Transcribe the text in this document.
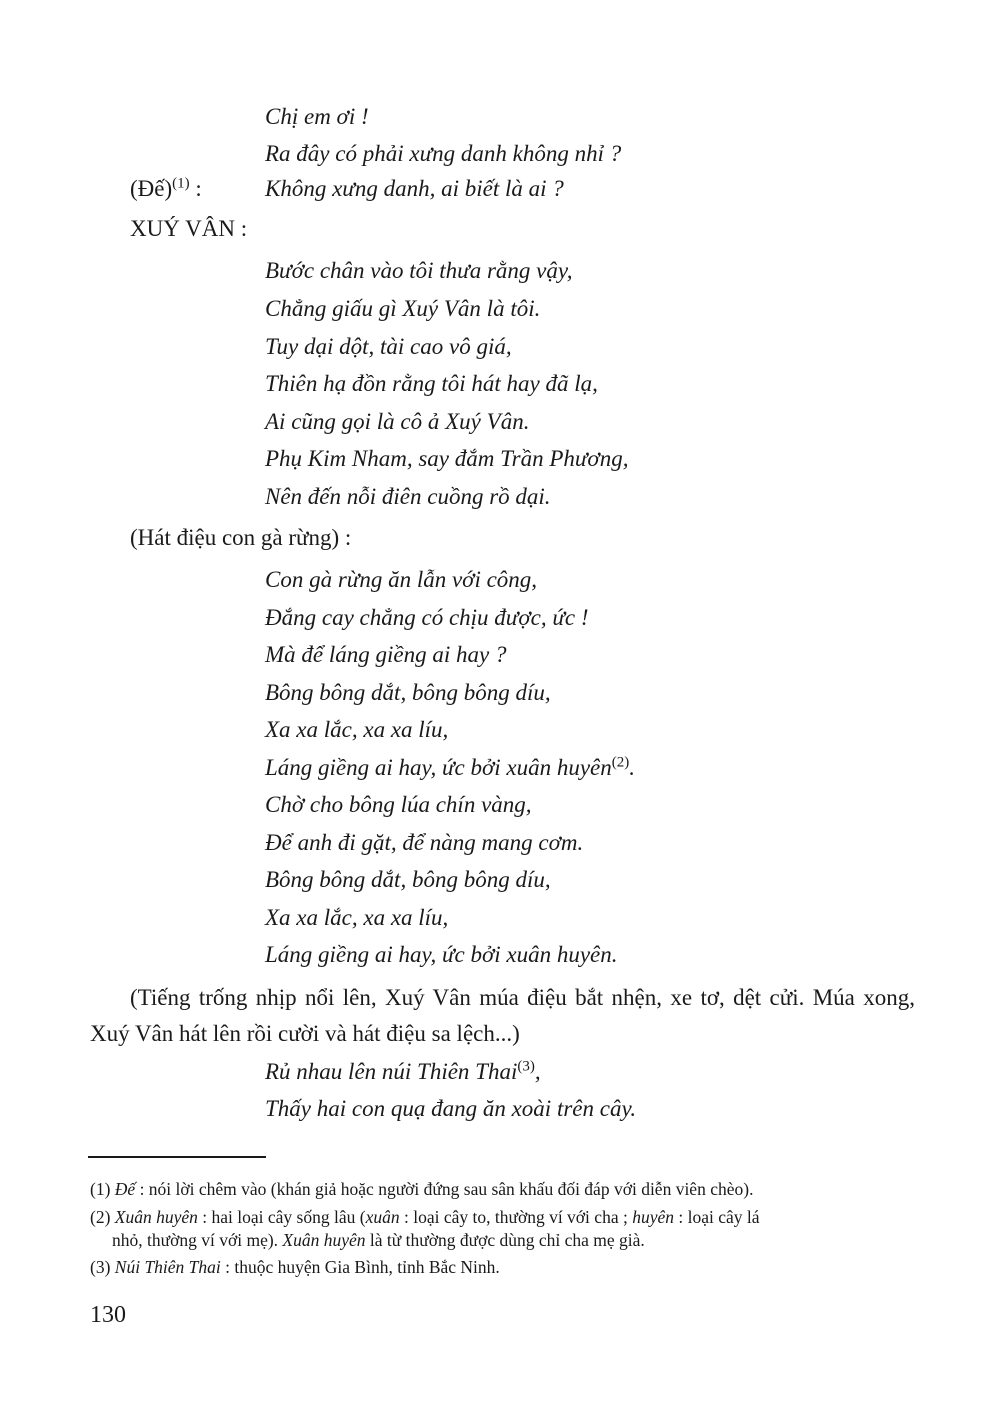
Chị em ơi !
Ra đây có phải xưng danh không nhỉ ?
(Đế)$^{(1)}$ :	Không xưng danh, ai biết là ai ?
XUÝ VÂN :
Bước chân vào tôi thưa rằng vậy,
Chẳng giấu gì Xuý Vân là tôi.
Tuy dại dột, tài cao vô giá,
Thiên hạ đồn rằng tôi hát hay đã lạ,
Ai cũng gọi là cô ả Xuý Vân.
Phụ Kim Nham, say đắm Trần Phương,
Nên đến nỗi điên cuồng rồ dại.
(Hát điệu con gà rừng) :
Con gà rừng ăn lẫn với công,
Đắng cay chẳng có chịu được, ức !
Mà để láng giềng ai hay ?
Bông bông dắt, bông bông díu,
Xa xa lắc, xa xa líu,
Láng giềng ai hay, ức bởi xuân huyên$^{(2)}$.
Chờ cho bông lúa chín vàng,
Để anh đi gặt, để nàng mang cơm.
Bông bông dắt, bông bông díu,
Xa xa lắc, xa xa líu,
Láng giềng ai hay, ức bởi xuân huyên.
(Tiếng trống nhịp nổi lên, Xuý Vân múa điệu bắt nhện, xe tơ, dệt cửi. Múa xong, Xuý Vân hát lên rồi cười và hát điệu sa lệch...)
Rủ nhau lên núi Thiên Thai$^{(3)}$,
Thấy hai con quạ đang ăn xoài trên cây.
(1) Đế : nói lời chêm vào (khán giả hoặc người đứng sau sân khấu đối đáp với diễn viên chèo).
(2) Xuân huyên : hai loại cây sống lâu (xuân : loại cây to, thường ví với cha ; huyên : loại cây lá
nhỏ, thường ví với mẹ). Xuân huyên là từ thường được dùng chỉ cha mẹ già.
(3) Núi Thiên Thai : thuộc huyện Gia Bình, tỉnh Bắc Ninh.
130
